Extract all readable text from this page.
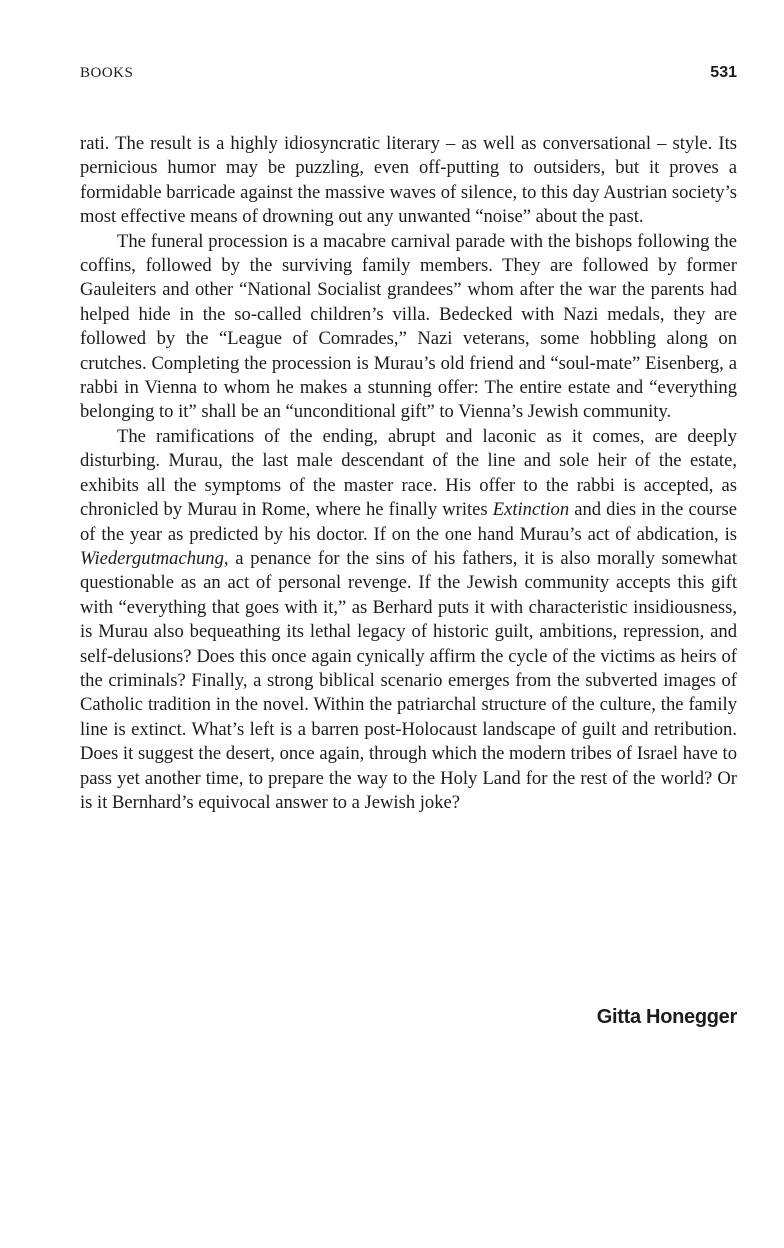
BOOKS	531

rati. The result is a highly idiosyncratic literary – as well as conversational – style. Its pernicious humor may be puzzling, even off-putting to outsiders, but it proves a formidable barricade against the massive waves of silence, to this day Austrian society’s most effective means of drowning out any unwanted “noise” about the past.

The funeral procession is a macabre carnival parade with the bishops following the coffins, followed by the surviving family members. They are followed by former Gauleiters and other “National Socialist grandees” whom after the war the parents had helped hide in the so-called children’s villa. Bedecked with Nazi medals, they are followed by the “League of Comrades,” Nazi veterans, some hobbling along on crutches. Completing the procession is Murau’s old friend and “soul-mate” Eisenberg, a rabbi in Vienna to whom he makes a stunning offer: The entire estate and “everything belonging to it” shall be an “unconditional gift” to Vienna’s Jewish community.

The ramifications of the ending, abrupt and laconic as it comes, are deeply disturbing. Murau, the last male descendant of the line and sole heir of the estate, exhibits all the symptoms of the master race. His offer to the rabbi is accepted, as chronicled by Murau in Rome, where he finally writes Extinction and dies in the course of the year as predicted by his doctor. If on the one hand Murau’s act of abdication, is Wiedergutmachung, a penance for the sins of his fathers, it is also morally somewhat questionable as an act of personal revenge. If the Jewish community accepts this gift with “everything that goes with it,” as Berhard puts it with characteristic insidiousness, is Murau also bequeathing its lethal legacy of historic guilt, ambitions, repression, and self-delusions? Does this once again cynically affirm the cycle of the victims as heirs of the criminals? Finally, a strong biblical scenario emerges from the subverted images of Catholic tradition in the novel. Within the patriarchal structure of the culture, the family line is extinct. What’s left is a barren post-Holocaust landscape of guilt and retribution. Does it suggest the desert, once again, through which the modern tribes of Israel have to pass yet another time, to prepare the way to the Holy Land for the rest of the world? Or is it Bernhard’s equivocal answer to a Jewish joke?

Gitta Honegger
